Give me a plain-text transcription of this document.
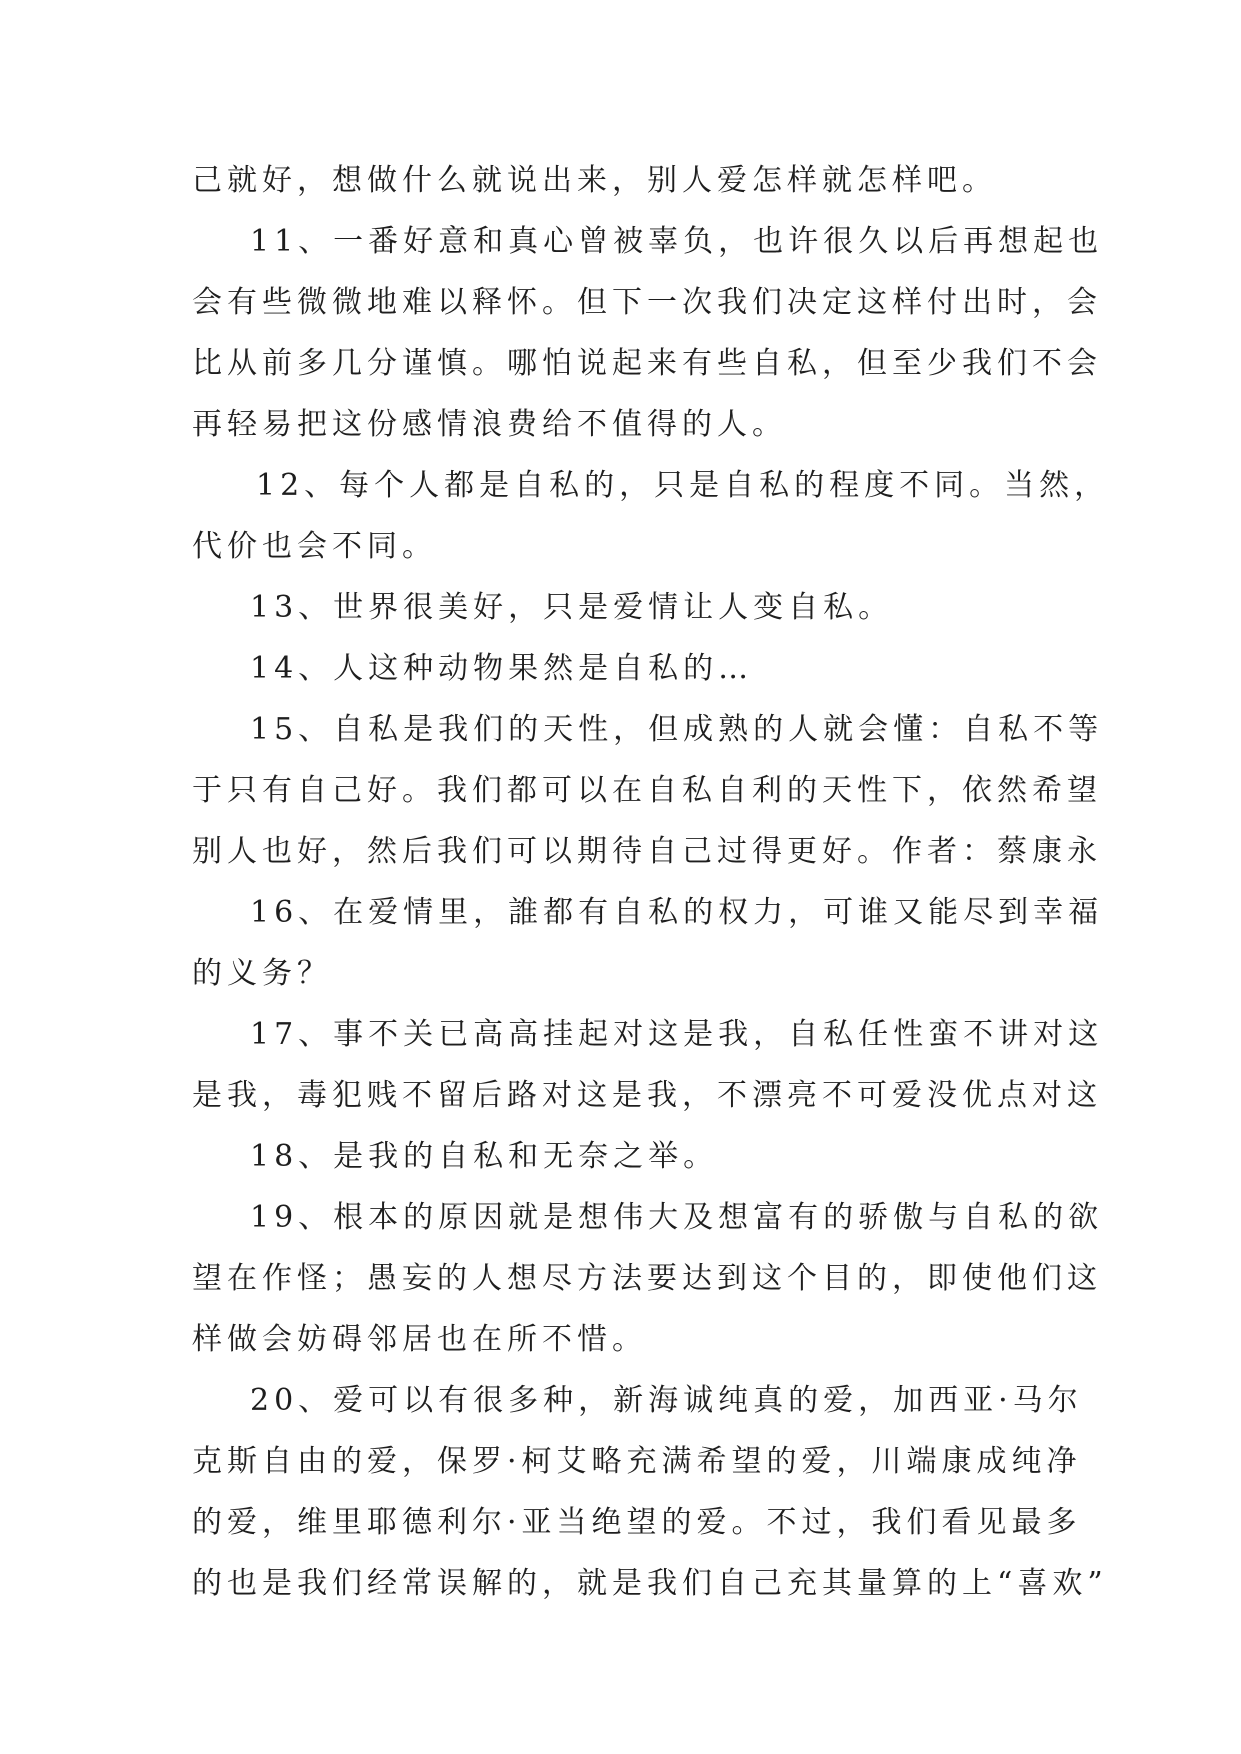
己就好，想做什么就说出来，别人爱怎样就怎样吧。
11、一番好意和真心曾被辜负，也许很久以后再想起也
会有些微微地难以释怀。但下一次我们决定这样付出时，会
比从前多几分谨慎。哪怕说起来有些自私，但至少我们不会
再轻易把这份感情浪费给不值得的人。
12、每个人都是自私的，只是自私的程度不同。当然，
代价也会不同。
13、世界很美好，只是爱情让人变自私。
14、人这种动物果然是自私的…
15、自私是我们的天性，但成熟的人就会懂：自私不等
于只有自己好。我们都可以在自私自利的天性下，依然希望
别人也好，然后我们可以期待自己过得更好。作者：蔡康永
16、在爱情里，誰都有自私的权力，可谁又能尽到幸福
的义务？
17、事不关已高高挂起对这是我，自私任性蛮不讲对这
是我，毒犯贱不留后路对这是我，不漂亮不可爱没优点对这
18、是我的自私和无奈之举。
19、根本的原因就是想伟大及想富有的骄傲与自私的欲
望在作怪；愚妄的人想尽方法要达到这个目的，即使他们这
样做会妨碍邻居也在所不惜。
20、爱可以有很多种，新海诚纯真的爱，加西亚·马尔
克斯自由的爱，保罗·柯艾略充满希望的爱，川端康成纯净
的爱，维里耶德利尔·亚当绝望的爱。不过，我们看见最多
的也是我们经常误解的，就是我们自己充其量算的上“喜欢”
